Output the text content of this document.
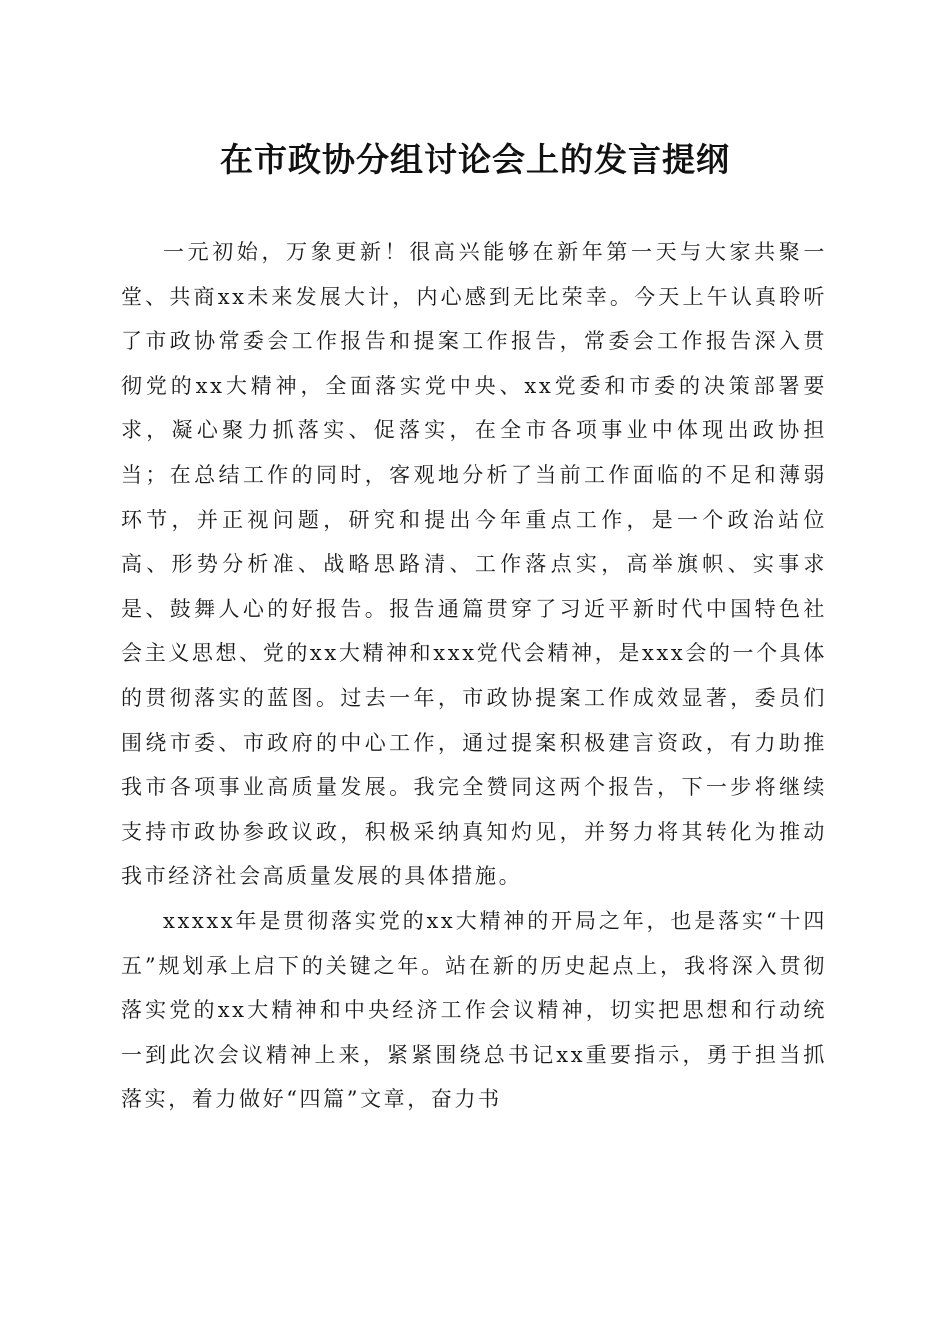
在市政协分组讨论会上的发言提纲

一元初始，万象更新！很高兴能够在新年第一天与大家共聚一堂、共商xx未来发展大计，内心感到无比荣幸。今天上午认真聆听了市政协常委会工作报告和提案工作报告，常委会工作报告深入贯彻党的xx大精神，全面落实党中央、xx党委和市委的决策部署要求，凝心聚力抓落实、促落实，在全市各项事业中体现出政协担当；在总结工作的同时，客观地分析了当前工作面临的不足和薄弱环节，并正视问题，研究和提出今年重点工作，是一个政治站位高、形势分析准、战略思路清、工作落点实，高举旗帜、实事求是、鼓舞人心的好报告。报告通篇贯穿了习近平新时代中国特色社会主义思想、党的xx大精神和xxx党代会精神，是xxx会的一个具体的贯彻落实的蓝图。过去一年，市政协提案工作成效显著，委员们围绕市委、市政府的中心工作，通过提案积极建言资政，有力助推我市各项事业高质量发展。我完全赞同这两个报告，下一步将继续支持市政协参政议政，积极采纳真知灼见，并努力将其转化为推动我市经济社会高质量发展的具体措施。

xxxxx年是贯彻落实党的xx大精神的开局之年，也是落实“十四五”规划承上启下的关键之年。站在新的历史起点上，我将深入贯彻落实党的xx大精神和中央经济工作会议精神，切实把思想和行动统一到此次会议精神上来，紧紧围绕总书记xx重要指示，勇于担当抓落实，着力做好“四篇”文章，奋力书
